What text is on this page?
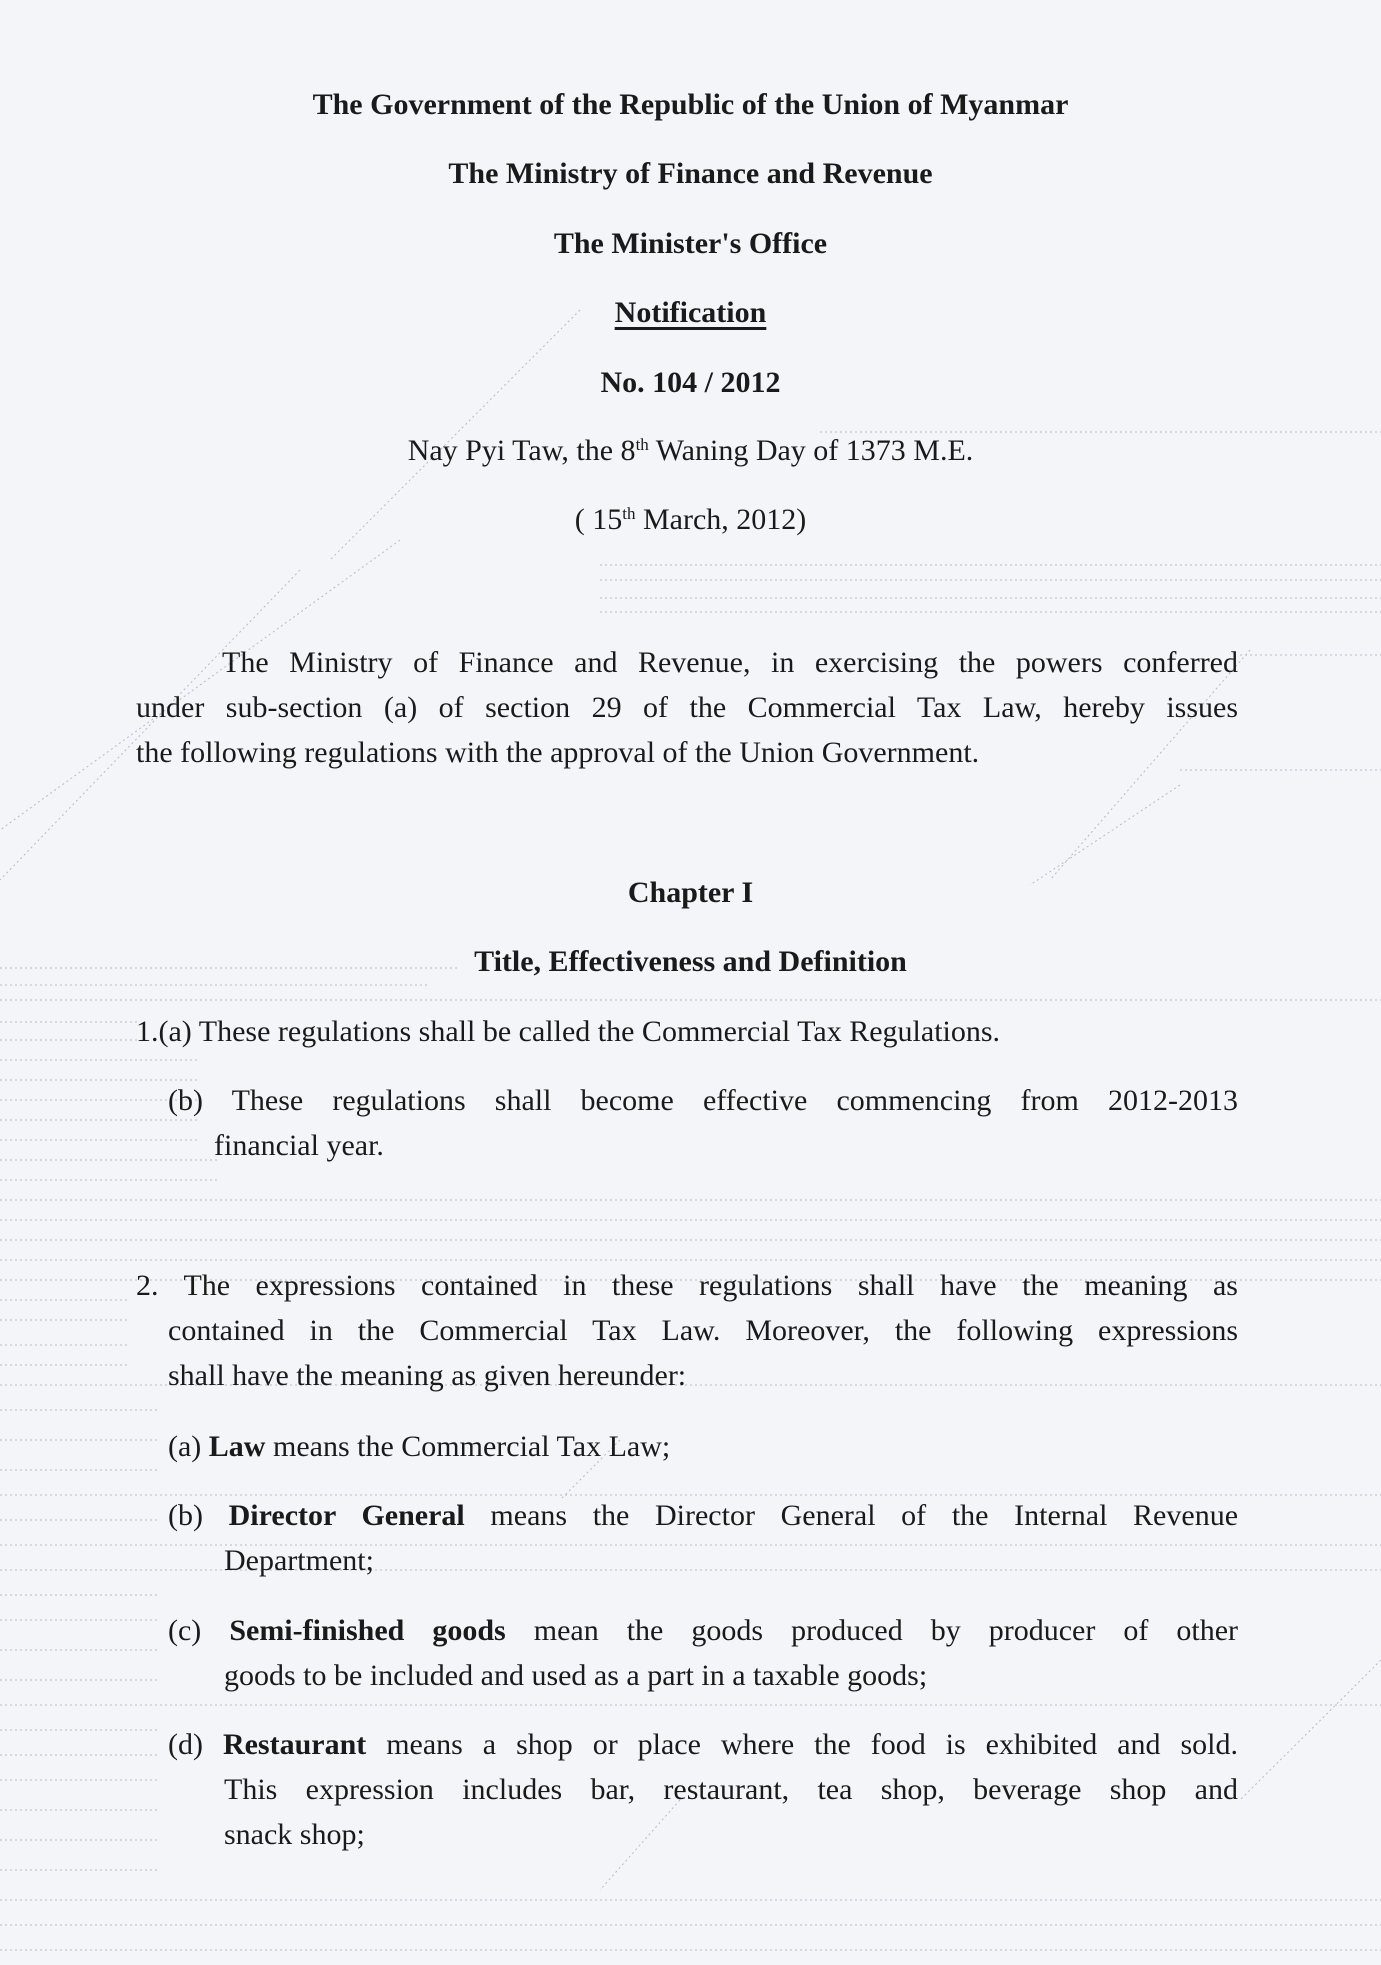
The Government of the Republic of the Union of Myanmar
The Ministry of Finance and Revenue
The Minister's Office
Notification
No. 104 / 2012
Nay Pyi Taw, the 8th Waning Day of 1373 M.E.
( 15th March, 2012)
The Ministry of Finance and Revenue, in exercising the powers conferred
under sub-section (a) of section 29 of the Commercial Tax Law, hereby issues
the following regulations with the approval of the Union Government.
Chapter I
Title, Effectiveness and Definition
1.(a) These regulations shall be called the Commercial Tax Regulations.
(b) These regulations shall become effective commencing from 2012-2013
financial year.
2. The expressions contained in these regulations shall have the meaning as
contained in the Commercial Tax Law. Moreover, the following expressions
shall have the meaning as given hereunder:
(a) Law means the Commercial Tax Law;
(b) Director General means the Director General of the Internal Revenue
Department;
(c) Semi-finished goods mean the goods produced by producer of other
goods to be included and used as a part in a taxable goods;
(d) Restaurant means a shop or place where the food is exhibited and sold.
This expression includes bar, restaurant, tea shop, beverage shop and
snack shop;
